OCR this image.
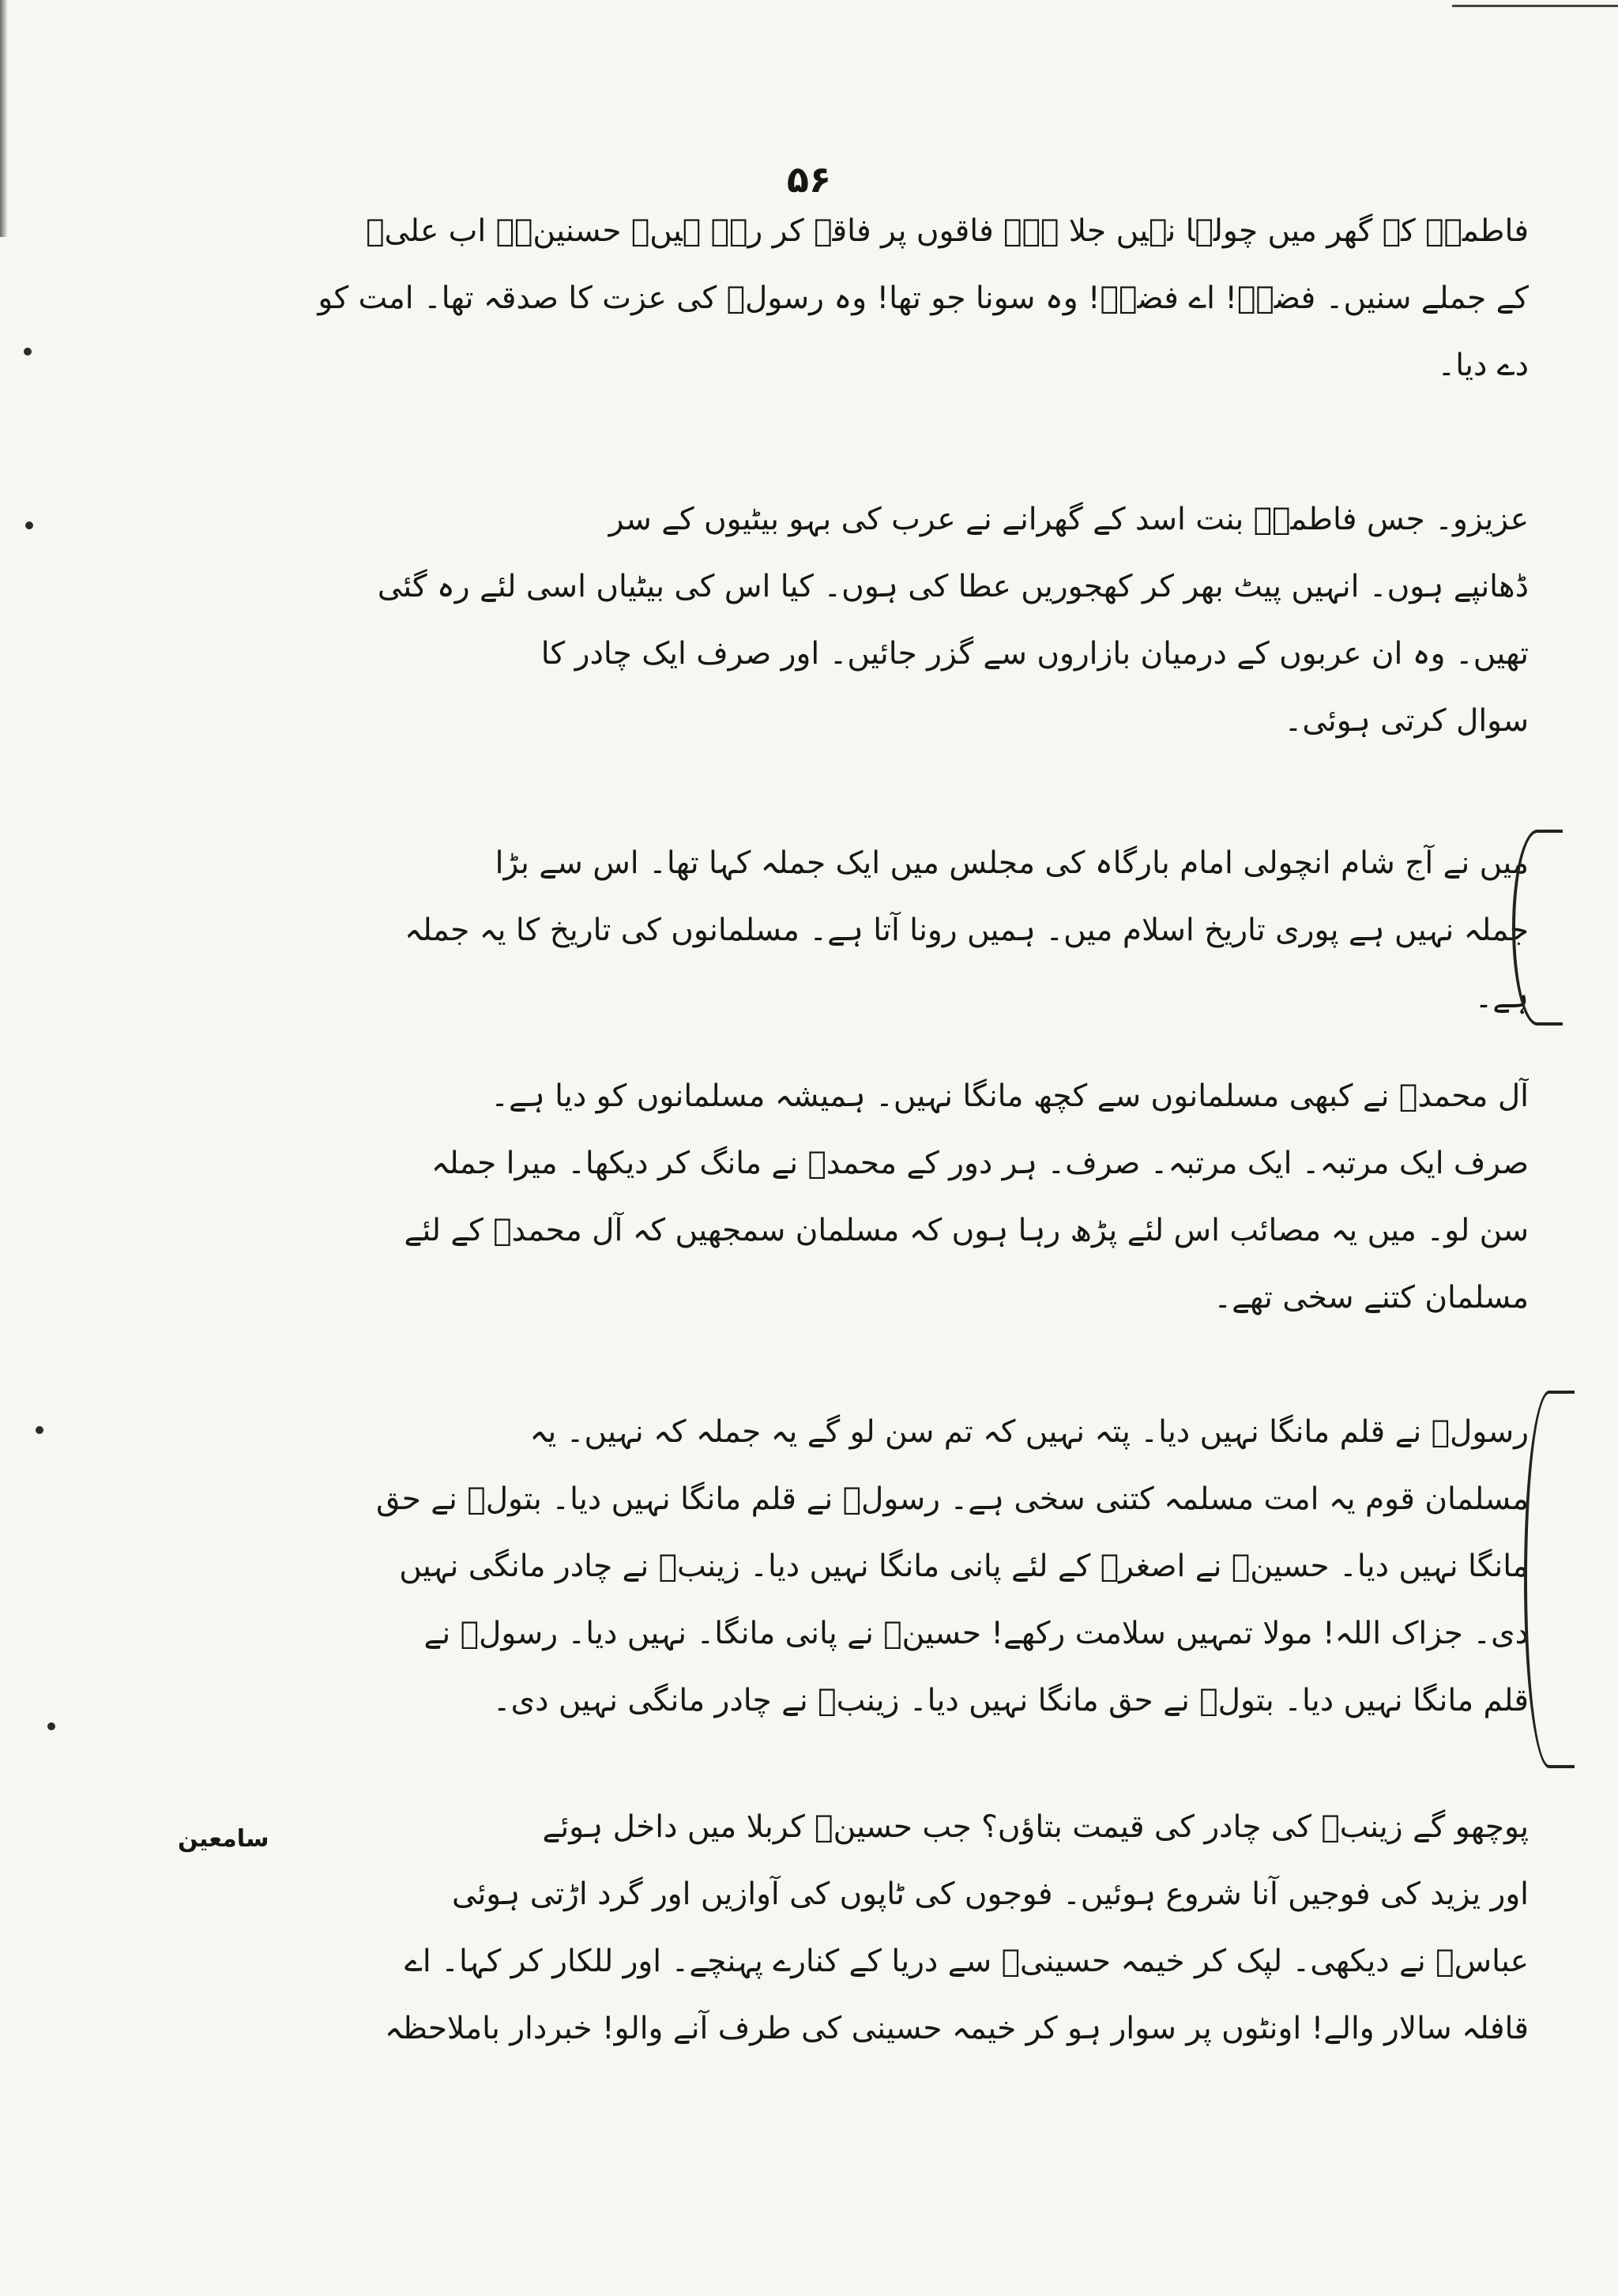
۵۶
فاطمہؑ کے گھر میں چولہا نہیں جلا ہے۔ فاقوں پر فاقے کر رہے ہیں۔ حسنینؑ۔ اب علیؑ
کے جملے سنیں۔ فضہؑ! اے فضہؑ! وہ سونا جو تھا! وہ رسولؐ کی عزت کا صدقہ تھا۔ امت کو
دے دیا۔
عزیزو۔ جس فاطمہؑ بنت اسد کے گھرانے نے عرب کی بہو بیٹیوں کے سر
ڈھانپے ہوں۔ انہیں پیٹ بھر کر کھجوریں عطا کی ہوں۔ کیا اس کی بیٹیاں اسی لئے رہ گئی
تھیں۔ وہ ان عربوں کے درمیان بازاروں سے گزر جائیں۔ اور صرف ایک چادر کا
سوال کرتی ہوئی۔
میں نے آج شام انچولی امام بارگاہ کی مجلس میں ایک جملہ کہا تھا۔ اس سے بڑا
جملہ نہیں ہے پوری تاریخ اسلام میں۔ ہمیں رونا آتا ہے۔ مسلمانوں کی تاریخ کا یہ جملہ
ہے۔
آل محمدؐ نے کبھی مسلمانوں سے کچھ مانگا نہیں۔ ہمیشہ مسلمانوں کو دیا ہے۔
صرف ایک مرتبہ۔ ایک مرتبہ۔ صرف۔ ہر دور کے محمدؐ نے مانگ کر دیکھا۔ میرا جملہ
سن لو۔ میں یہ مصائب اس لئے پڑھ رہا ہوں کہ مسلمان سمجھیں کہ آل محمدؐ کے لئے
مسلمان کتنے سخی تھے۔
رسولؐ نے قلم مانگا نہیں دیا۔ پتہ نہیں کہ تم سن لو گے یہ جملہ کہ نہیں۔ یہ
مسلمان قوم یہ امت مسلمہ کتنی سخی ہے۔ رسولؐ نے قلم مانگا نہیں دیا۔ بتولؑ نے حق
مانگا نہیں دیا۔ حسینؑ نے اصغرؑ کے لئے پانی مانگا نہیں دیا۔ زینبؑ نے چادر مانگی نہیں
دی۔ جزاک اللہ! مولا تمہیں سلامت رکھے! حسینؑ نے پانی مانگا۔ نہیں دیا۔ رسولؐ نے
قلم مانگا نہیں دیا۔ بتولؑ نے حق مانگا نہیں دیا۔ زینبؑ نے چادر مانگی نہیں دی۔
پوچھو گے زینبؑ کی چادر کی قیمت بتاؤں؟ جب حسینؑ کربلا میں داخل ہوئے
اور یزید کی فوجیں آنا شروع ہوئیں۔ فوجوں کی ٹاپوں کی آوازیں اور گرد اڑتی ہوئی
عباسؑ نے دیکھی۔ لپک کر خیمہ حسینیؑ سے دریا کے کنارے پہنچے۔ اور للکار کر کہا۔ اے
قافلہ سالار والے! اونٹوں پر سوار ہو کر خیمہ حسینی کی طرف آنے والو! خبردار باملاحظہ
سامعین
